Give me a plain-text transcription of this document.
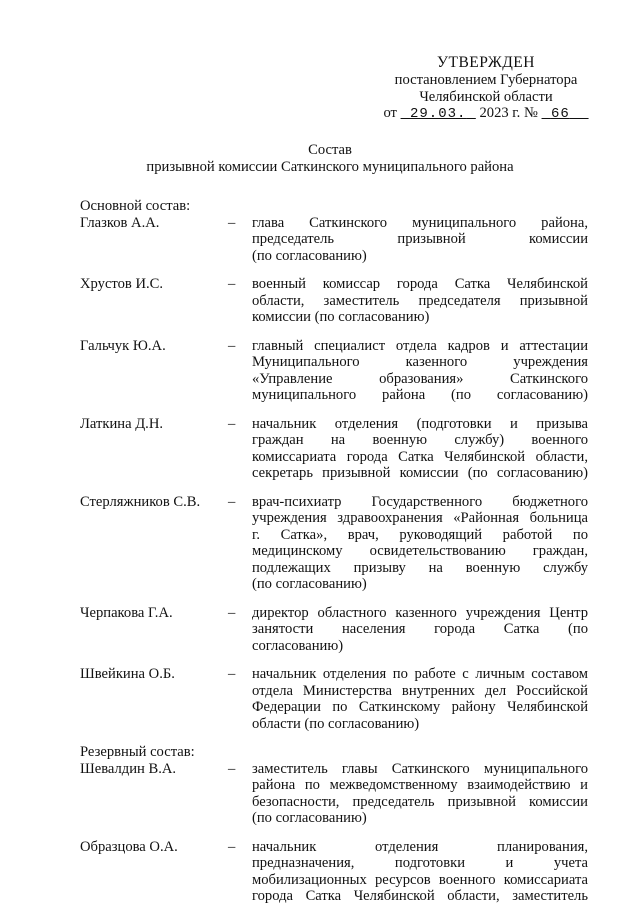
УТВЕРЖДЕН
постановлением Губернатора
Челябинской области
от 29.03. 2023 г. № 66
Состав
призывной комиссии Саткинского муниципального района
Основной состав:
Глазков А.А.	–	глава Саткинского муниципального района,
председатель призывной комиссии
(по согласованию)
Хрустов И.С.	–	военный комиссар города Сатка Челябинской
области, заместитель председателя призывной
комиссии (по согласованию)
Гальчук Ю.А.	–	главный специалист отдела кадров и аттестации
Муниципального казенного учреждения
«Управление образования» Саткинского
муниципального района (по согласованию)
Латкина Д.Н.	–	начальник отделения (подготовки и призыва
граждан на военную службу) военного
комиссариата города Сатка Челябинской области,
секретарь призывной комиссии (по согласованию)
Стерляжников С.В.	–	врач-психиатр Государственного бюджетного
учреждения здравоохранения «Районная больница
г. Сатка», врач, руководящий работой по
медицинскому освидетельствованию граждан,
подлежащих призыву на военную службу
(по согласованию)
Черпакова Г.А.	–	директор областного казенного учреждения Центр
занятости населения города Сатка (по
согласованию)
Швейкина О.Б.	–	начальник отделения по работе с личным составом
отдела Министерства внутренних дел Российской
Федерации по Саткинскому району Челябинской
области (по согласованию)
Резервный состав:
Шевалдин В.А.	–	заместитель главы Саткинского муниципального
района по межведомственному взаимодействию и
безопасности, председатель призывной комиссии
(по согласованию)
Образцова О.А.	–	начальник отделения планирования,
предназначения, подготовки и учета
мобилизационных ресурсов военного комиссариата
города Сатка Челябинской области, заместитель
